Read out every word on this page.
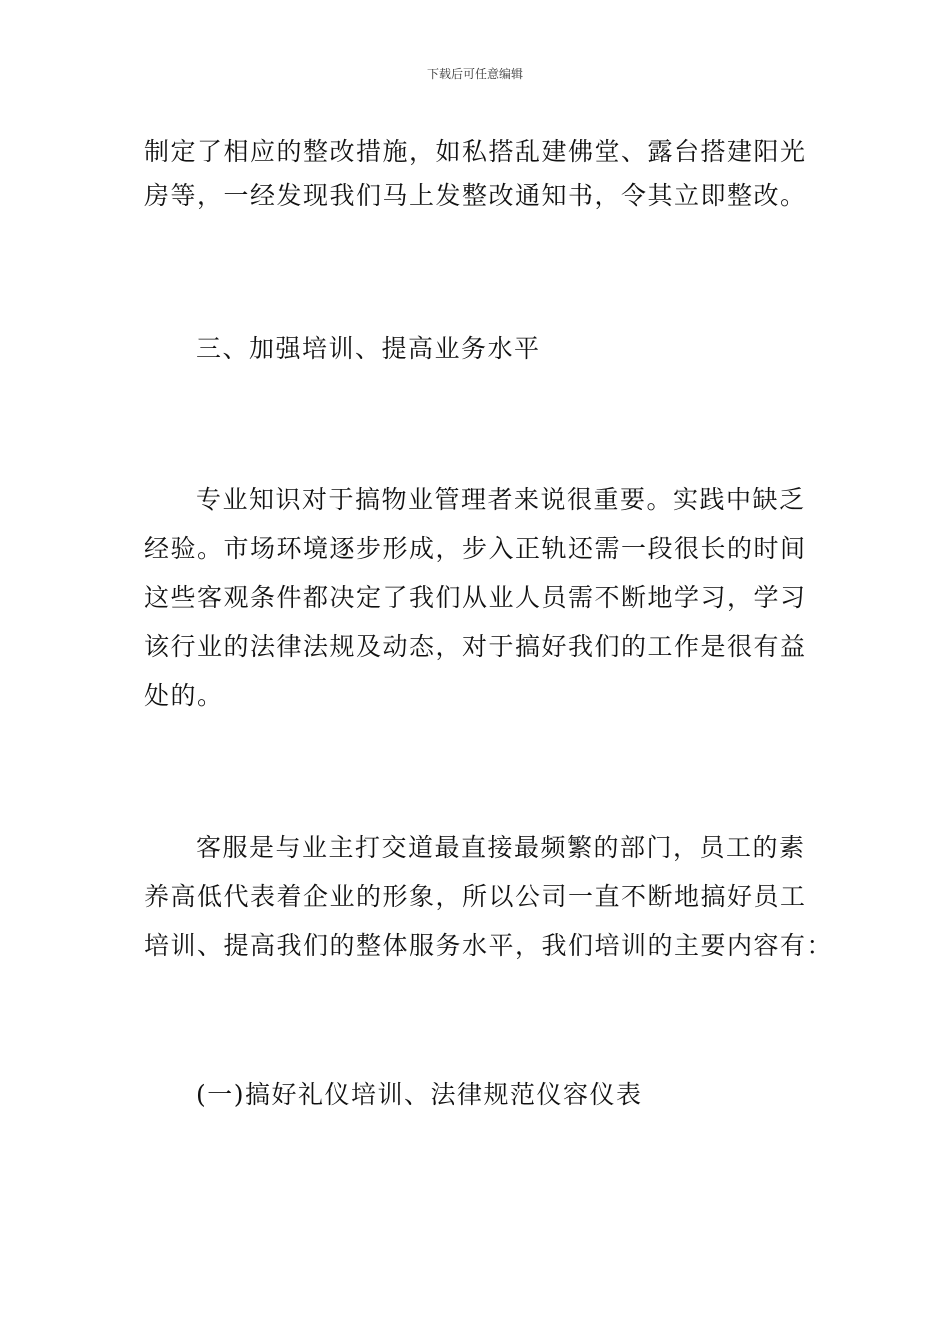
下载后可任意编辑
制定了相应的整改措施，如私搭乱建佛堂、露台搭建阳光
房等，一经发现我们马上发整改通知书，令其立即整改。
三、加强培训、提高业务水平
专业知识对于搞物业管理者来说很重要。实践中缺乏
经验。市场环境逐步形成，步入正轨还需一段很长的时间
这些客观条件都决定了我们从业人员需不断地学习，学习
该行业的法律法规及动态，对于搞好我们的工作是很有益
处的。
客服是与业主打交道最直接最频繁的部门，员工的素
养高低代表着企业的形象，所以公司一直不断地搞好员工
培训、提高我们的整体服务水平，我们培训的主要内容有：
(一)搞好礼仪培训、法律规范仪容仪表
